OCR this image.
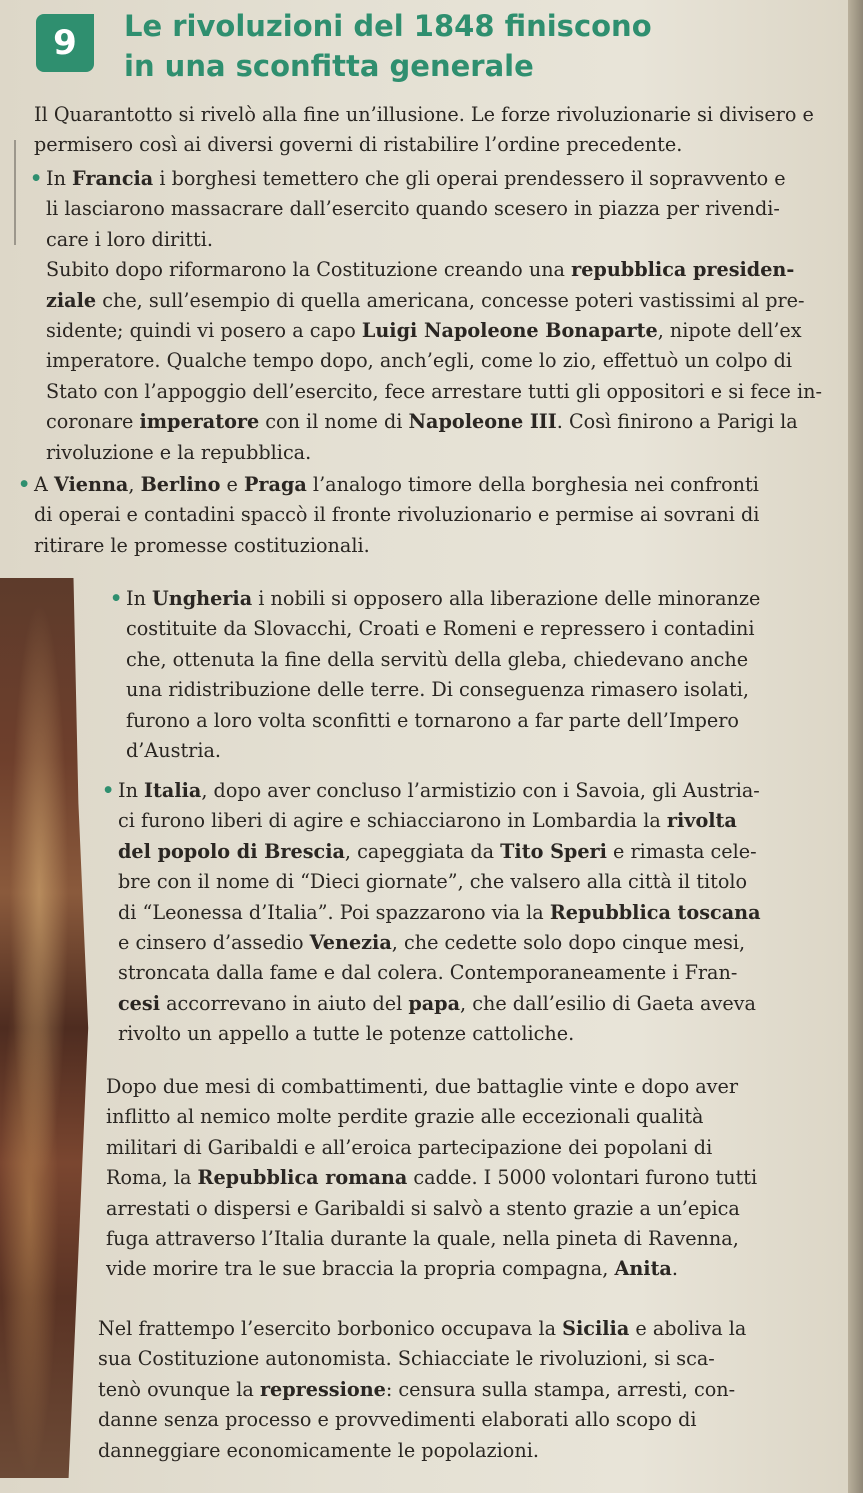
9	Le rivoluzioni del 1848 finiscono
in una sconfitta generale
Il Quarantotto si rivelò alla fine un’illusione. Le forze rivoluzionarie si divisero e
permisero così ai diversi governi di ristabilire l’ordine precedente.
• In Francia i borghesi temettero che gli operai prendessero il sopravvento e
li lasciarono massacrare dall’esercito quando scesero in piazza per rivendi-
care i loro diritti.
Subito dopo riformarono la Costituzione creando una repubblica presiden-
ziale che, sull’esempio di quella americana, concesse poteri vastissimi al pre-
sidente; quindi vi posero a capo Luigi Napoleone Bonaparte, nipote dell’ex
imperatore. Qualche tempo dopo, anch’egli, come lo zio, effettuò un colpo di
Stato con l’appoggio dell’esercito, fece arrestare tutti gli oppositori e si fece in-
coronare imperatore con il nome di Napoleone III. Così finirono a Parigi la
rivoluzione e la repubblica.
• A Vienna, Berlino e Praga l’analogo timore della borghesia nei confronti
di operai e contadini spaccò il fronte rivoluzionario e permise ai sovrani di
ritirare le promesse costituzionali.
• In Ungheria i nobili si opposero alla liberazione delle minoranze
costituite da Slovacchi, Croati e Romeni e repressero i contadini
che, ottenuta la fine della servitù della gleba, chiedevano anche
una ridistribuzione delle terre. Di conseguenza rimasero isolati,
furono a loro volta sconfitti e tornarono a far parte dell’Impero
d’Austria.
• In Italia, dopo aver concluso l’armistizio con i Savoia, gli Austria-
ci furono liberi di agire e schiacciarono in Lombardia la rivolta
del popolo di Brescia, capeggiata da Tito Speri e rimasta cele-
bre con il nome di “Dieci giornate”, che valsero alla città il titolo
di “Leonessa d’Italia”. Poi spazzarono via la Repubblica toscana
e cinsero d’assedio Venezia, che cedette solo dopo cinque mesi,
stroncata dalla fame e dal colera. Contemporaneamente i Fran-
cesi accorrevano in aiuto del papa, che dall’esilio di Gaeta aveva
rivolto un appello a tutte le potenze cattoliche.
Dopo due mesi di combattimenti, due battaglie vinte e dopo aver
inflitto al nemico molte perdite grazie alle eccezionali qualità
militari di Garibaldi e all’eroica partecipazione dei popolani di
Roma, la Repubblica romana cadde. I 5000 volontari furono tutti
arrestati o dispersi e Garibaldi si salvò a stento grazie a un’epica
fuga attraverso l’Italia durante la quale, nella pineta di Ravenna,
vide morire tra le sue braccia la propria compagna, Anita.
Nel frattempo l’esercito borbonico occupava la Sicilia e aboliva la
sua Costituzione autonomista. Schiacciate le rivoluzioni, si sca-
tenò ovunque la repressione: censura sulla stampa, arresti, con-
danne senza processo e provvedimenti elaborati allo scopo di
danneggiare economicamente le popolazioni.
